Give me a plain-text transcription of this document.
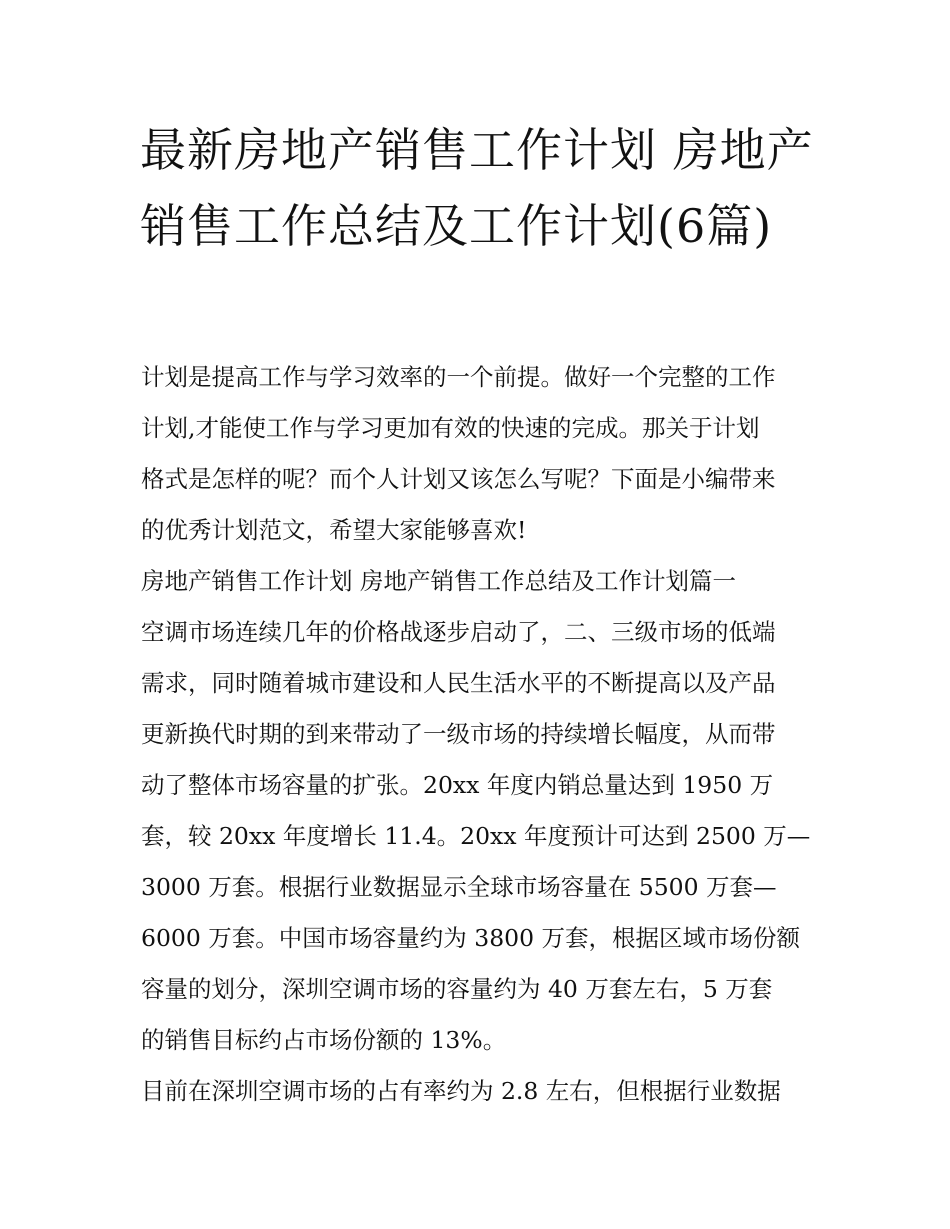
最新房地产销售工作计划 房地产销售工作总结及工作计划(6篇)

计划是提高工作与学习效率的一个前提。做好一个完整的工作

计划,才能使工作与学习更加有效的快速的完成。那关于计划

格式是怎样的呢？而个人计划又该怎么写呢？下面是小编带来

的优秀计划范文，希望大家能够喜欢!

房地产销售工作计划 房地产销售工作总结及工作计划篇一

空调市场连续几年的价格战逐步启动了，二、三级市场的低端

需求，同时随着城市建设和人民生活水平的不断提高以及产品

更新换代时期的到来带动了一级市场的持续增长幅度，从而带

动了整体市场容量的扩张。20xx 年度内销总量达到 1950 万

套，较 20xx 年度增长 11.4。20xx 年度预计可达到 2500 万—

3000 万套。根据行业数据显示全球市场容量在 5500 万套—

6000 万套。中国市场容量约为 3800 万套，根据区域市场份额

容量的划分，深圳空调市场的容量约为 40 万套左右，5 万套

的销售目标约占市场份额的 13%。

目前在深圳空调市场的占有率约为 2.8 左右，但根据行业数据
